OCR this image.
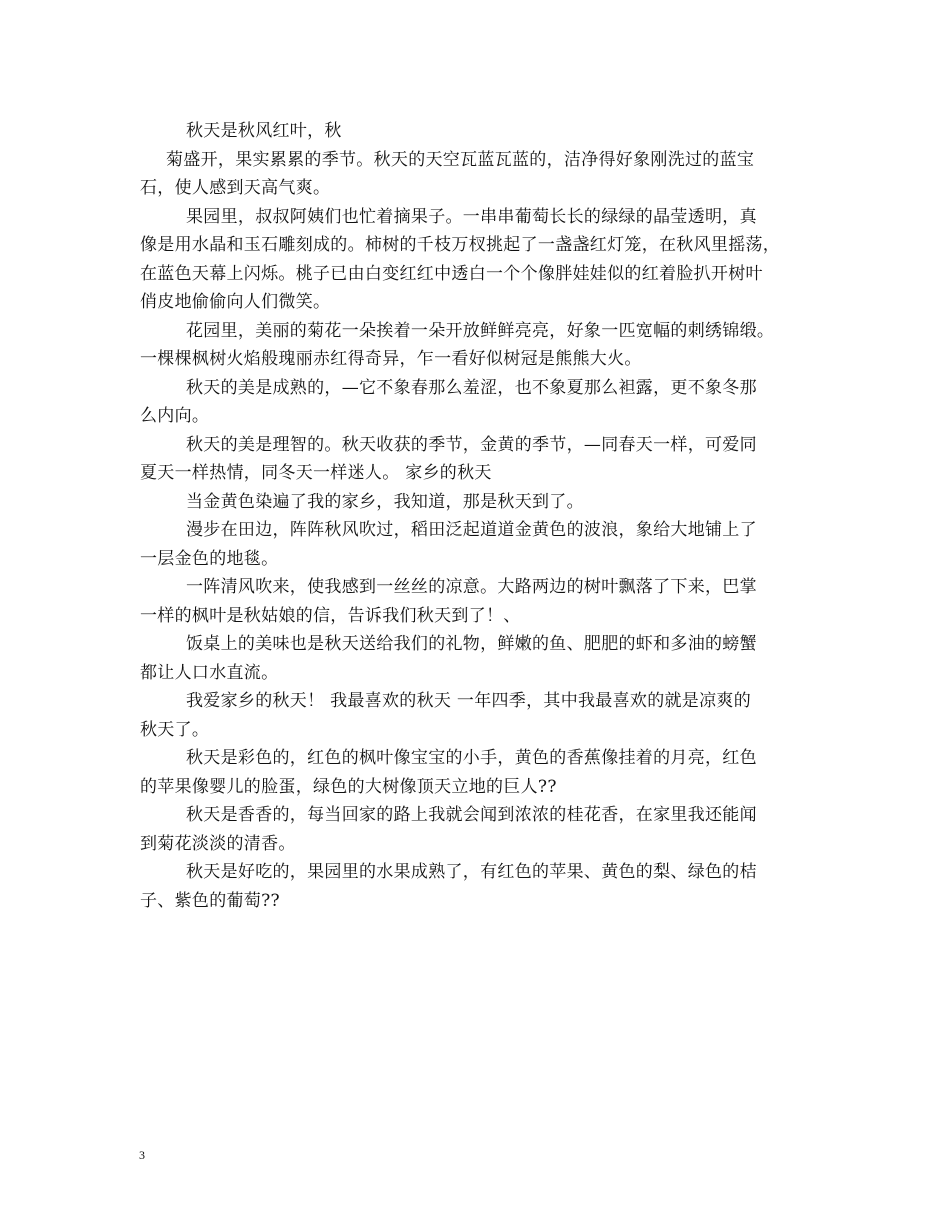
秋天是秋风红叶，秋
菊盛开，果实累累的季节。秋天的天空瓦蓝瓦蓝的，洁净得好象刚洗过的蓝宝
石，使人感到天高气爽。
果园里，叔叔阿姨们也忙着摘果子。一串串葡萄长长的绿绿的晶莹透明，真
像是用水晶和玉石雕刻成的。柿树的千枝万杈挑起了一盏盏红灯笼，在秋风里摇荡，
在蓝色天幕上闪烁。桃子已由白变红红中透白一个个像胖娃娃似的红着脸扒开树叶
俏皮地偷偷向人们微笑。
花园里，美丽的菊花一朵挨着一朵开放鲜鲜亮亮，好象一匹宽幅的刺绣锦缎。
一棵棵枫树火焰般瑰丽赤红得奇异，乍一看好似树冠是熊熊大火。
秋天的美是成熟的，—它不象春那么羞涩，也不象夏那么袒露，更不象冬那
么内向。
秋天的美是理智的。秋天收获的季节，金黄的季节，—同春天一样，可爱同
夏天一样热情，同冬天一样迷人。 家乡的秋天
当金黄色染遍了我的家乡，我知道，那是秋天到了。
漫步在田边，阵阵秋风吹过，稻田泛起道道金黄色的波浪，象给大地铺上了
一层金色的地毯。
一阵清风吹来，使我感到一丝丝的凉意。大路两边的树叶飘落了下来，巴掌
一样的枫叶是秋姑娘的信，告诉我们秋天到了！、
饭桌上的美味也是秋天送给我们的礼物，鲜嫩的鱼、肥肥的虾和多油的螃蟹
都让人口水直流。
我爱家乡的秋天！ 我最喜欢的秋天 一年四季，其中我最喜欢的就是凉爽的
秋天了。
秋天是彩色的，红色的枫叶像宝宝的小手，黄色的香蕉像挂着的月亮，红色
的苹果像婴儿的脸蛋，绿色的大树像顶天立地的巨人??
秋天是香香的，每当回家的路上我就会闻到浓浓的桂花香，在家里我还能闻
到菊花淡淡的清香。
秋天是好吃的，果园里的水果成熟了，有红色的苹果、黄色的梨、绿色的桔
子、紫色的葡萄??
3
